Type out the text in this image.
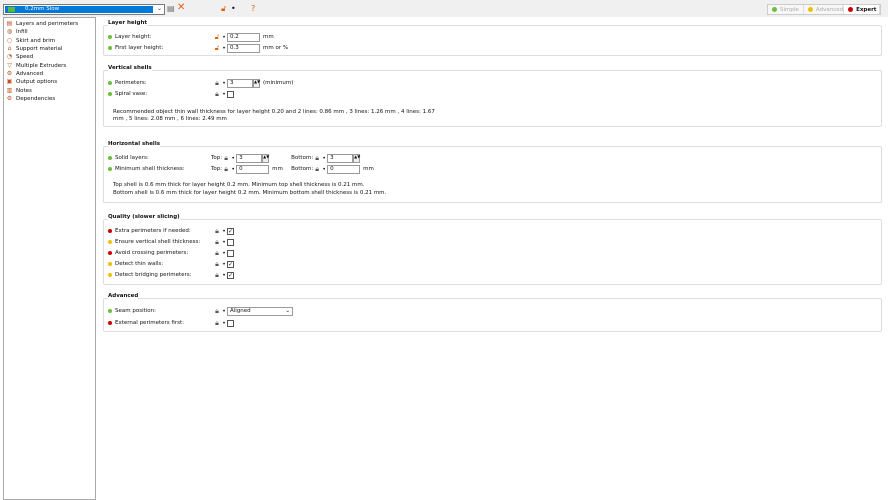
0.2mm Slow	⌄ ▤ ✕	🔓︎ • ?	Simple	Advanced Expert
▤ Layers and perimeters
◍ Infill
○ Skirt and brim
⌂ Support material
◔ Speed
▽ Multiple Extruders
⚙ Advanced
▣ Output options
▥ Notes
⚙ Dependencies
Layer height
Layer height:	🔓︎ • 0.2	mm
First layer height:	🔓︎ • 0.3	mm or %
Vertical shells
Perimeters:	🔒︎ • 3	▲▼ (minimum)
Spiral vase:	🔒︎ •
Recommended object thin wall thickness for layer height 0.20 and 2 lines: 0.86 mm , 3 lines: 1.26 mm , 4 lines: 1.67
mm , 5 lines: 2.08 mm , 6 lines: 2.49 mm
Horizontal shells
Solid layers:	Top: 🔒︎ • 3	▲▼	Bottom: 🔒︎ • 3	▲▼
Minimum shell thickness:	Top: 🔒︎ • 0	mm	Bottom: 🔒︎ • 0	mm
Top shell is 0.6 mm thick for layer height 0.2 mm. Minimum top shell thickness is 0.21 mm.
Bottom shell is 0.6 mm thick for layer height 0.2 mm. Minimum bottom shell thickness is 0.21 mm.
Quality (slower slicing)
Extra perimeters if needed:	🔒︎ • ✓
Ensure vertical shell thickness:	🔒︎ •
Avoid crossing perimeters:	🔒︎ •
Detect thin walls:	🔒︎ • ✓
Detect bridging perimeters:	🔒︎ • ✓
Advanced
Seam position:	🔒︎ • Aligned	⌄
External perimeters first:	🔒︎ •
